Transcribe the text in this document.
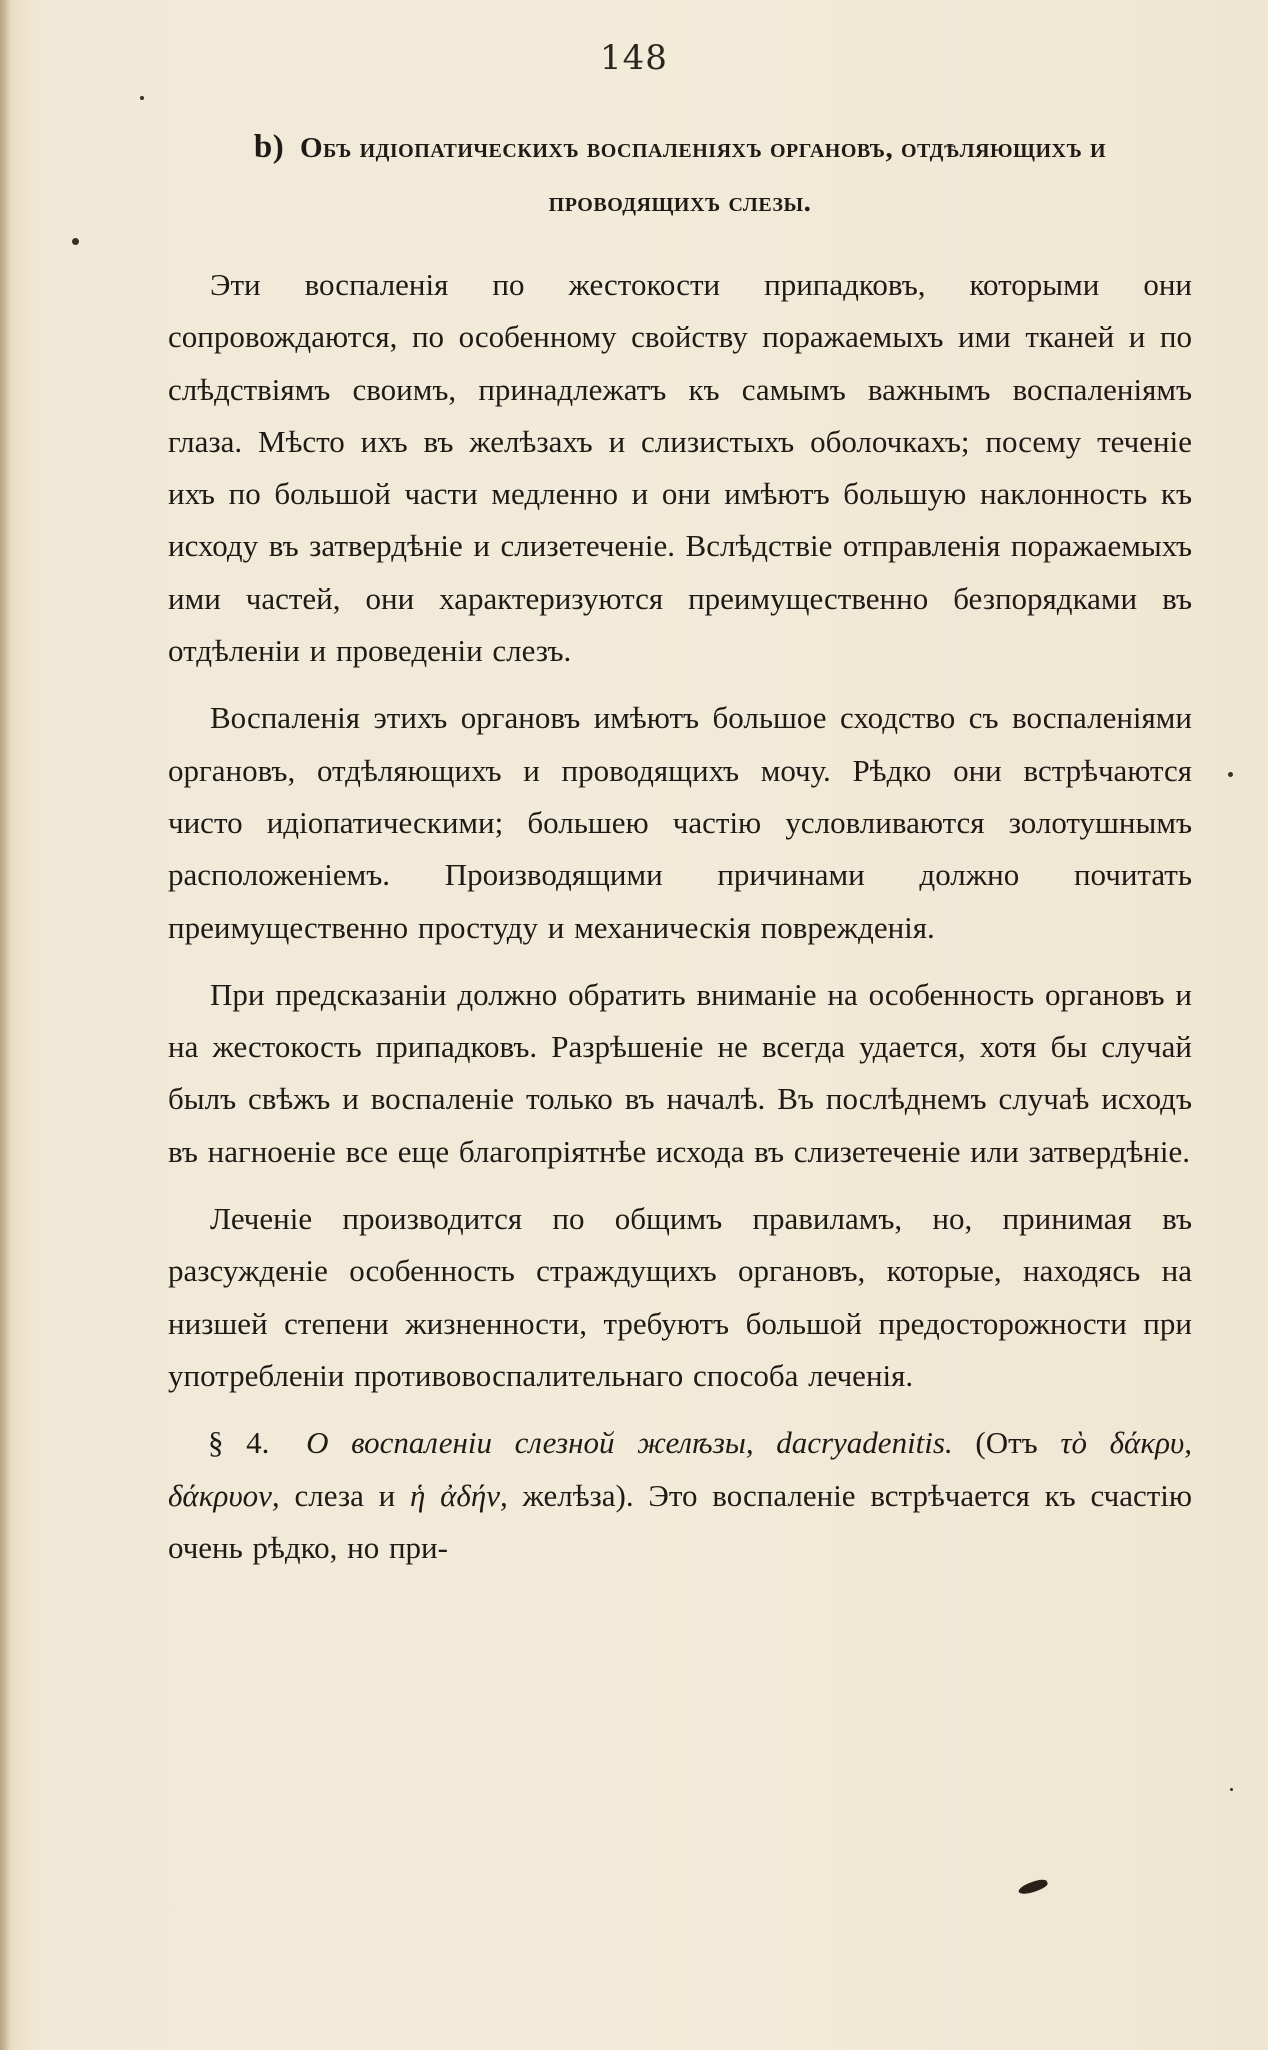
148
b) Объ идіопатическихъ воспаленіяхъ органовъ, отдѣляющихъ и проводящихъ слезы.

Эти воспаленія по жестокости припадковъ, которыми они сопровождаются, по особенному свойству поражаемыхъ ими тканей и по слѣдствіямъ своимъ, принадлежатъ къ самымъ важнымъ воспаленіямъ глаза. Мѣсто ихъ въ желѣзахъ и слизистыхъ оболочкахъ; посему теченіе ихъ по большой части медленно и они имѣютъ большую наклонность къ исходу въ затвердѣніе и слизетеченіе. Вслѣдствіе отправленія поражаемыхъ ими частей, они характеризуются преимущественно безпорядками въ отдѣленіи и проведеніи слезъ.

Воспаленія этихъ органовъ имѣютъ большое сходство съ воспаленіями органовъ, отдѣляющихъ и проводящихъ мочу. Рѣдко они встрѣчаются чисто идіопатическими; большею частію условливаются золотушнымъ расположеніемъ. Производящими причинами должно почитать преимущественно простуду и механическія поврежденія.

При предсказаніи должно обратить вниманіе на особенность органовъ и на жестокость припадковъ. Разрѣшеніе не всегда удается, хотя бы случай былъ свѣжъ и воспаленіе только въ началѣ. Въ послѣднемъ случаѣ исходъ въ нагноеніе все еще благопріятнѣе исхода въ слизетеченіе или затвердѣніе.

Леченіе производится по общимъ правиламъ, но, принимая въ разсужденіе особенность страждущихъ органовъ, которые, находясь на низшей степени жизненности, требуютъ большой предосторожности при употребленіи противовоспалительнаго способа леченія.

§ 4. О воспаленіи слезной желѣзы, dacryadenitis. (Отъ τὸ δάκρυ, δάκρυον, слеза и ἡ ἀδήν, желѣза). Это воспаленіе встрѣчается къ счастію очень рѣдко, но при-
